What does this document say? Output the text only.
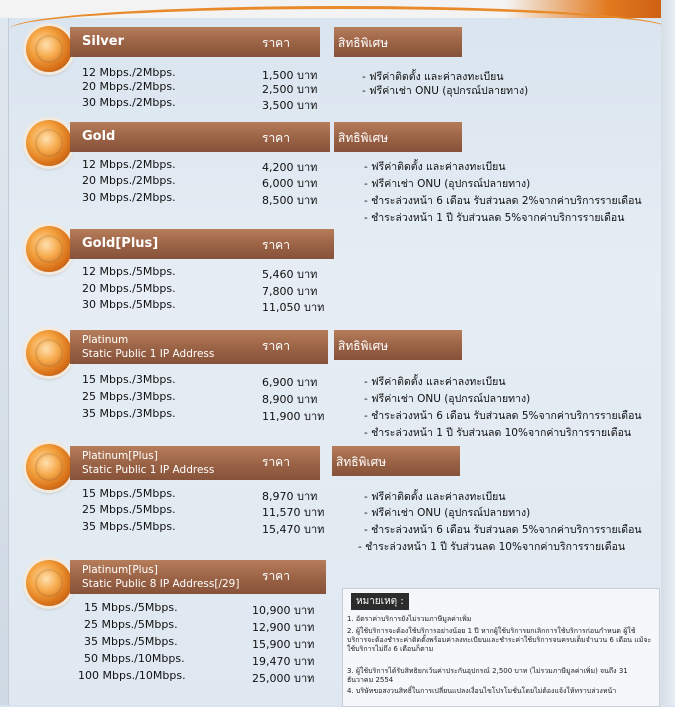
Silver	ราคา	สิทธิพิเศษ
12 Mbps./2Mbps.	1,500 บาท
20 Mbps./2Mbps.	2,500 บาท
30 Mbps./2Mbps.	3,500 บาท
- ฟรีค่าติดตั้ง และค่าลงทะเบียน
- ฟรีค่าเช่า ONU (อุปกรณ์ปลายทาง)
Gold	ราคา	สิทธิพิเศษ
12 Mbps./2Mbps.	4,200 บาท
20 Mbps./2Mbps.	6,000 บาท
30 Mbps./2Mbps.	8,500 บาท
- ฟรีค่าติดตั้ง และค่าลงทะเบียน
- ฟรีค่าเช่า ONU (อุปกรณ์ปลายทาง)
- ชำระล่วงหน้า 6 เดือน รับส่วนลด 2%จากค่าบริการรายเดือน
- ชำระล่วงหน้า 1 ปี รับส่วนลด 5%จากค่าบริการรายเดือน
Gold[Plus]	ราคา
12 Mbps./5Mbps.	5,460 บาท
20 Mbps./5Mbps.	7,800 บาท
30 Mbps./5Mbps.	11,050 บาท
Platinum
Static Public 1 IP Address
ราคา	สิทธิพิเศษ
15 Mbps./3Mbps.	6,900 บาท
25 Mbps./3Mbps.	8,900 บาท
35 Mbps./3Mbps.	11,900 บาท
- ฟรีค่าติดตั้ง และค่าลงทะเบียน
- ฟรีค่าเช่า ONU (อุปกรณ์ปลายทาง)
- ชำระล่วงหน้า 6 เดือน รับส่วนลด 5%จากค่าบริการรายเดือน
- ชำระล่วงหน้า 1 ปี รับส่วนลด 10%จากค่าบริการรายเดือน
Platinum[Plus]
Static Public 1 IP Address
ราคา	สิทธิพิเศษ
15 Mbps./5Mbps.	8,970 บาท
25 Mbps./5Mbps.	11,570 บาท
35 Mbps./5Mbps.	15,470 บาท
- ฟรีค่าติดตั้ง และค่าลงทะเบียน
- ฟรีค่าเช่า ONU (อุปกรณ์ปลายทาง)
- ชำระล่วงหน้า 6 เดือน รับส่วนลด 5%จากค่าบริการรายเดือน
- ชำระล่วงหน้า 1 ปี รับส่วนลด 10%จากค่าบริการรายเดือน
Platinum[Plus]
Static Public 8 IP Address[/29]
ราคา
15 Mbps./5Mbps.	10,900 บาท
25 Mbps./5Mbps.	12,900 บาท
35 Mbps./5Mbps.	15,900 บาท
50 Mbps./10Mbps.	19,470 บาท
100 Mbps./10Mbps.	25,000 บาท
หมายเหตุ :
1. อัตราค่าบริการยังไม่รวมภาษีมูลค่าเพิ่ม
2. ผู้ใช้บริการจะต้องใช้บริการอย่างน้อย 1 ปี หากผู้ใช้บริการยกเลิกการใช้บริการก่อนกำหนด ผู้ใช้บริการจะต้องชำระค่าติดตั้งพร้อมค่าลงทะเบียนและชำระค่าใช้บริการจนครบเต็มจำนวน 6 เดือน แม้จะใช้บริการไม่ถึง 6 เดือนก็ตาม
3. ผู้ใช้บริการได้รับสิทธิยกเว้นค่าประกันอุปกรณ์ 2,500 บาท (ไม่รวมภาษีมูลค่าเพิ่ม) จนถึง 31 ธันวาคม 2554
4. บริษัทขอสงวนสิทธิ์ในการเปลี่ยนแปลงเงื่อนไขโปรโมชั่นโดยไม่ต้องแจ้งให้ทราบล่วงหน้า
